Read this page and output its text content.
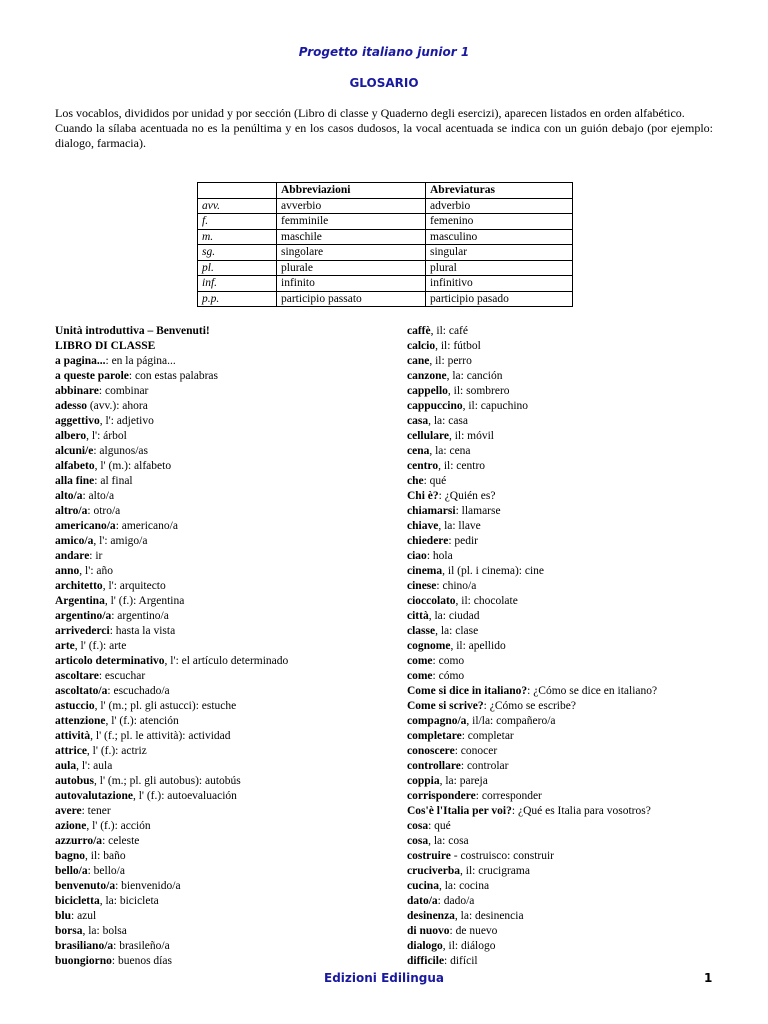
Progetto italiano junior 1
GLOSARIO

Los vocablos, divididos por unidad y por sección (Libro di classe y Quaderno degli esercizi), aparecen listados en orden alfabético.

Cuando la sílaba acentuada no es la penúltima y en los casos dudosos, la vocal acentuada se indica con un guión debajo (por ejemplo: dialogo, farmacia).

	Abbreviazioni	Abreviaturas
avv.	avverbio	adverbio
f.	femminile	femenino
m.	maschile	masculino
sg.	singolare	singular
pl.	plurale	plural
inf.	infinito	infinitivo
p.p.	participio passato	participio pasado
Unità introduttiva – Benvenuti!
LIBRO DI CLASSE
a pagina...: en la página...
a queste parole: con estas palabras
abbinare: combinar
adesso (avv.): ahora
aggettivo, l': adjetivo
albero, l': árbol
alcuni/e: algunos/as
alfabeto, l' (m.): alfabeto
alla fine: al final
alto/a: alto/a
altro/a: otro/a
americano/a: americano/a
amico/a, l': amigo/a
andare: ir
anno, l': año
architetto, l': arquitecto
Argentina, l' (f.): Argentina
argentino/a: argentino/a
arrivederci: hasta la vista
arte, l' (f.): arte
articolo determinativo, l': el artículo determinado
ascoltare: escuchar
ascoltato/a: escuchado/a
astuccio, l' (m.; pl. gli astucci): estuche
attenzione, l' (f.): atención
attività, l' (f.; pl. le attività): actividad
attrice, l' (f.): actriz
aula, l': aula
autobus, l' (m.; pl. gli autobus): autobús
autovalutazione, l' (f.): autoevaluación
avere: tener
azione, l' (f.): acción
azzurro/a: celeste
bagno, il: baño
bello/a: bello/a
benvenuto/a: bienvenido/a
bicicletta, la: bicicleta
blu: azul
borsa, la: bolsa
brasiliano/a: brasileño/a
buongiorno: buenos días
caffè, il: café
calcio, il: fútbol
cane, il: perro
canzone, la: canción
cappello, il: sombrero
cappuccino, il: capuchino
casa, la: casa
cellulare, il: móvil
cena, la: cena
centro, il: centro
che: qué
Chi è?: ¿Quién es?
chiamarsi: llamarse
chiave, la: llave
chiedere: pedir
ciao: hola
cinema, il (pl. i cinema): cine
cinese: chino/a
cioccolato, il: chocolate
città, la: ciudad
classe, la: clase
cognome, il: apellido
come: como
come: cómo
Come si dice in italiano?: ¿Cómo se dice en italiano?
Come si scrive?: ¿Cómo se escribe?
compagno/a, il/la: compañero/a
completare: completar
conoscere: conocer
controllare: controlar
coppia, la: pareja
corrispondere: corresponder
Cos'è l'Italia per voi?: ¿Qué es Italia para vosotros?
cosa: qué
cosa, la: cosa
costruire - costruisco: construir
cruciverba, il: crucigrama
cucina, la: cocina
dato/a: dado/a
desinenza, la: desinencia
di nuovo: de nuevo
dialogo, il: diálogo
difficile: difícil
Edizioni Edilingua	1
